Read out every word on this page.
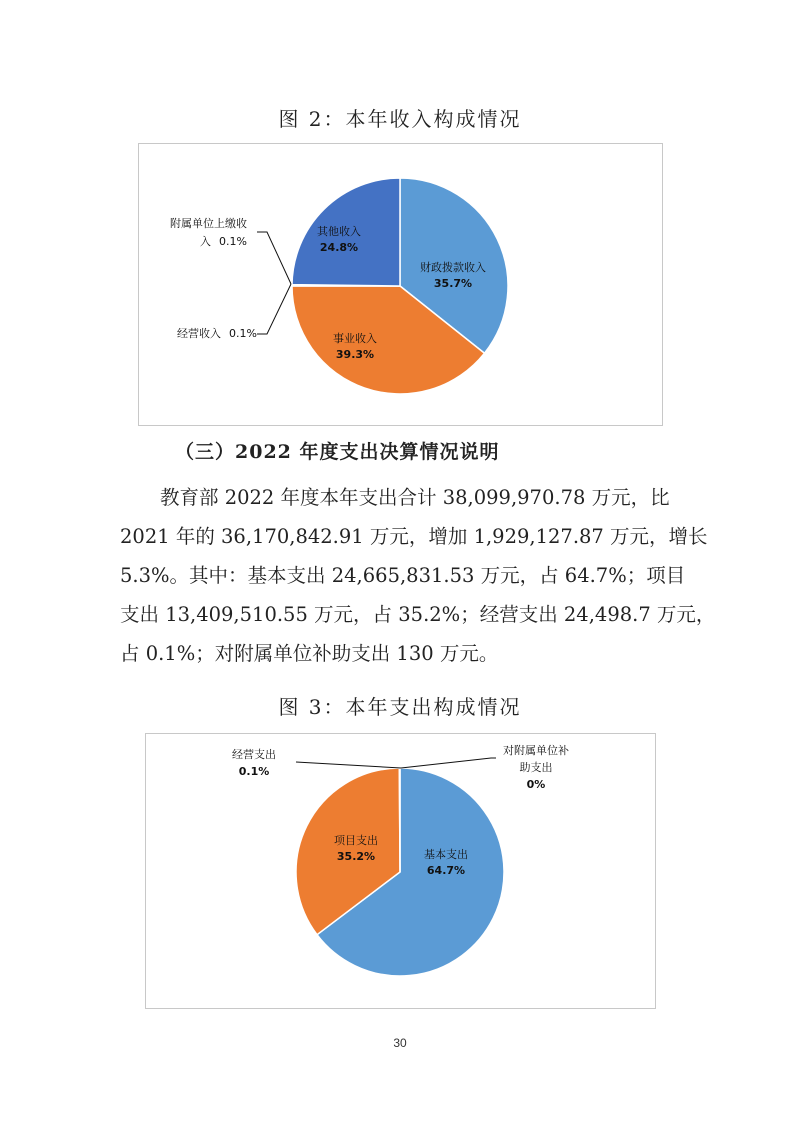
图 2：本年收入构成情况
财政拨款收入
35.7%
事业收入
39.3%
其他收入
24.8%
附属单位上缴收
入 0.1%
经营收入 0.1%
（三）2022 年度支出决算情况说明
教育部 2022 年度本年支出合计 38,099,970.78 万元，比
2021 年的 36,170,842.91 万元，增加 1,929,127.87 万元，增长
5.3%。其中：基本支出 24,665,831.53 万元，占 64.7%；项目
支出 13,409,510.55 万元，占 35.2%；经营支出 24,498.7 万元，
占 0.1%；对附属单位补助支出 130 万元。
图 3：本年支出构成情况
基本支出
64.7%
项目支出
35.2%
经营支出
0.1%
对附属单位补
助支出
0%
30
